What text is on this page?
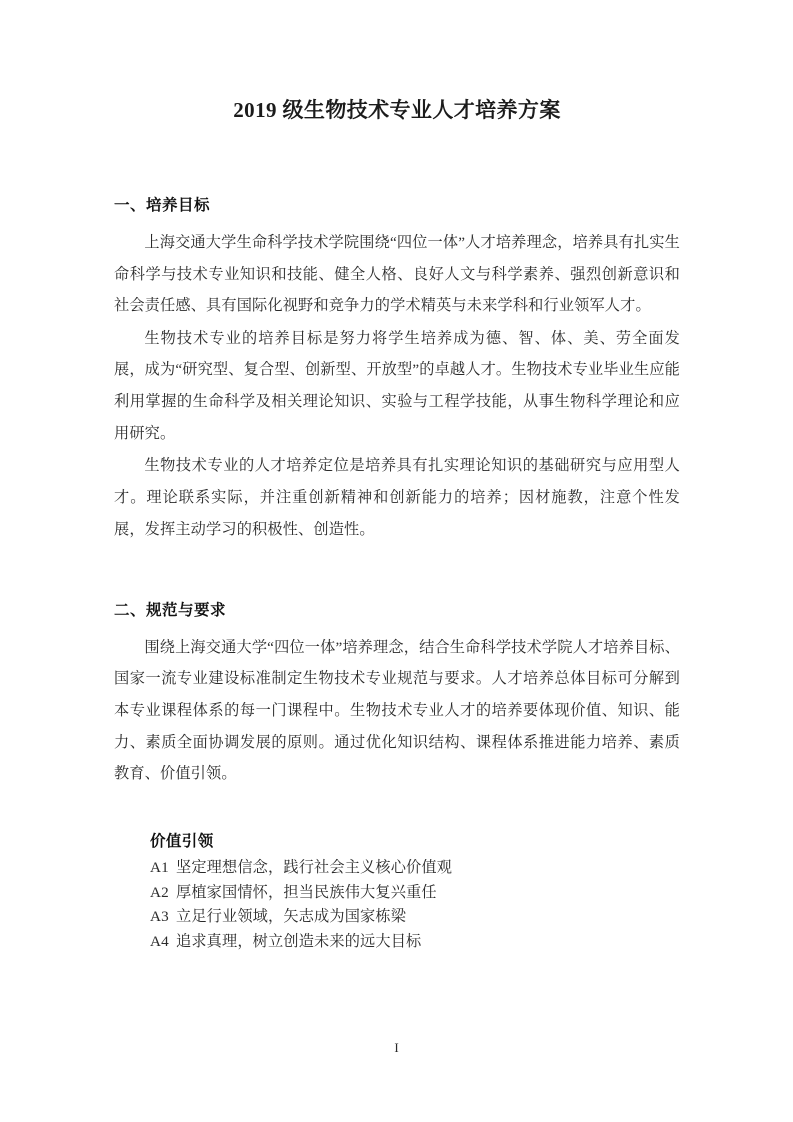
2019 级生物技术专业人才培养方案
一、培养目标

上海交通大学生命科学技术学院围绕“四位一体”人才培养理念，培养具有扎实生命科学与技术专业知识和技能、健全人格、良好人文与科学素养、强烈创新意识和社会责任感、具有国际化视野和竞争力的学术精英与未来学科和行业领军人才。

生物技术专业的培养目标是努力将学生培养成为德、智、体、美、劳全面发展，成为“研究型、复合型、创新型、开放型”的卓越人才。生物技术专业毕业生应能利用掌握的生命科学及相关理论知识、实验与工程学技能，从事生物科学理论和应用研究。

生物技术专业的人才培养定位是培养具有扎实理论知识的基础研究与应用型人才。理论联系实际，并注重创新精神和创新能力的培养；因材施教，注意个性发展，发挥主动学习的积极性、创造性。

二、规范与要求

围绕上海交通大学“四位一体”培养理念，结合生命科学技术学院人才培养目标、国家一流专业建设标准制定生物技术专业规范与要求。人才培养总体目标可分解到本专业课程体系的每一门课程中。生物技术专业人才的培养要体现价值、知识、能力、素质全面协调发展的原则。通过优化知识结构、课程体系推进能力培养、素质教育、价值引领。

价值引领

A1 坚定理想信念，践行社会主义核心价值观

A2 厚植家国情怀，担当民族伟大复兴重任

A3 立足行业领域，矢志成为国家栋梁

A4 追求真理，树立创造未来的远大目标

I
